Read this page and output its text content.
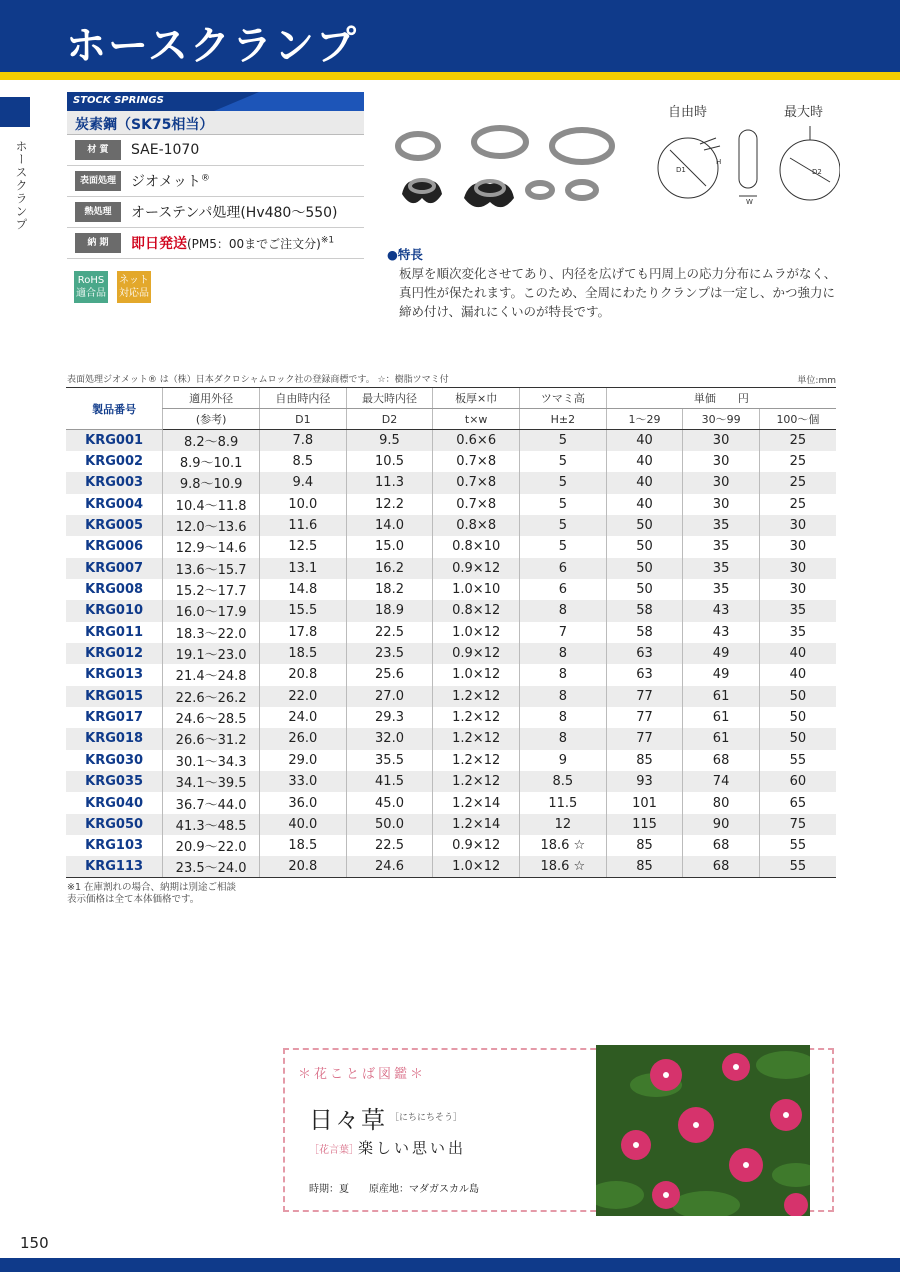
ホースクランプ
ホースクランプ
STOCK SPRINGS
炭素鋼（SK75相当）
材 質	SAE-1070
表面処理	ジオメット®
熱処理	オーステンパ処理(Hv480〜550)
納 期	即日発送(PM5：00までご注文分)$^{※1}$
RoHS
適合品
ネット
対応品
自由時	最大時
D1
H
W
D2
●特長
板厚を順次変化させてあり、内径を広げても円周上の応力分布にムラがなく、真円性が保たれます。このため、全周にわたりクランプは一定し、かつ強力に締め付け、漏れにくいのが特長です。
表面処理ジオメット® は（株）日本ダクロシャムロック社の登録商標です。 ☆：樹脂ツマミ付	単位:mm
製品番号	適用外径	自由時内径	最大時内径	板厚×巾	ツマミ高	単価　　円		
	(参考)	D1	D2	t×w	H±2	1〜29	30〜99	100〜個
KRG001	8.2〜8.9	7.8	9.5	0.6×6	5	40	30	25
KRG002	8.9〜10.1	8.5	10.5	0.7×8	5	40	30	25
KRG003	9.8〜10.9	9.4	11.3	0.7×8	5	40	30	25
KRG004	10.4〜11.8	10.0	12.2	0.7×8	5	40	30	25
KRG005	12.0〜13.6	11.6	14.0	0.8×8	5	50	35	30
KRG006	12.9〜14.6	12.5	15.0	0.8×10	5	50	35	30
KRG007	13.6〜15.7	13.1	16.2	0.9×12	6	50	35	30
KRG008	15.2〜17.7	14.8	18.2	1.0×10	6	50	35	30
KRG010	16.0〜17.9	15.5	18.9	0.8×12	8	58	43	35
KRG011	18.3〜22.0	17.8	22.5	1.0×12	7	58	43	35
KRG012	19.1〜23.0	18.5	23.5	0.9×12	8	63	49	40
KRG013	21.4〜24.8	20.8	25.6	1.0×12	8	63	49	40
KRG015	22.6〜26.2	22.0	27.0	1.2×12	8	77	61	50
KRG017	24.6〜28.5	24.0	29.3	1.2×12	8	77	61	50
KRG018	26.6〜31.2	26.0	32.0	1.2×12	8	77	61	50
KRG030	30.1〜34.3	29.0	35.5	1.2×12	9	85	68	55
KRG035	34.1〜39.5	33.0	41.5	1.2×12	8.5	93	74	60
KRG040	36.7〜44.0	36.0	45.0	1.2×14	11.5	101	80	65
KRG050	41.3〜48.5	40.0	50.0	1.2×14	12	115	90	75
KRG103	20.9〜22.0	18.5	22.5	0.9×12	18.6 ☆	85	68	55
KRG113	23.5〜24.0	20.8	24.6	1.0×12	18.6 ☆	85	68	55
※1 在庫割れの場合、納期は別途ご相談
表示価格は全て本体価格です。
＊花ことば図鑑＊
日々草 ［にちにちそう］
［花言葉］ 楽しい思い出
時期：夏　　原産地：マダガスカル島
150
